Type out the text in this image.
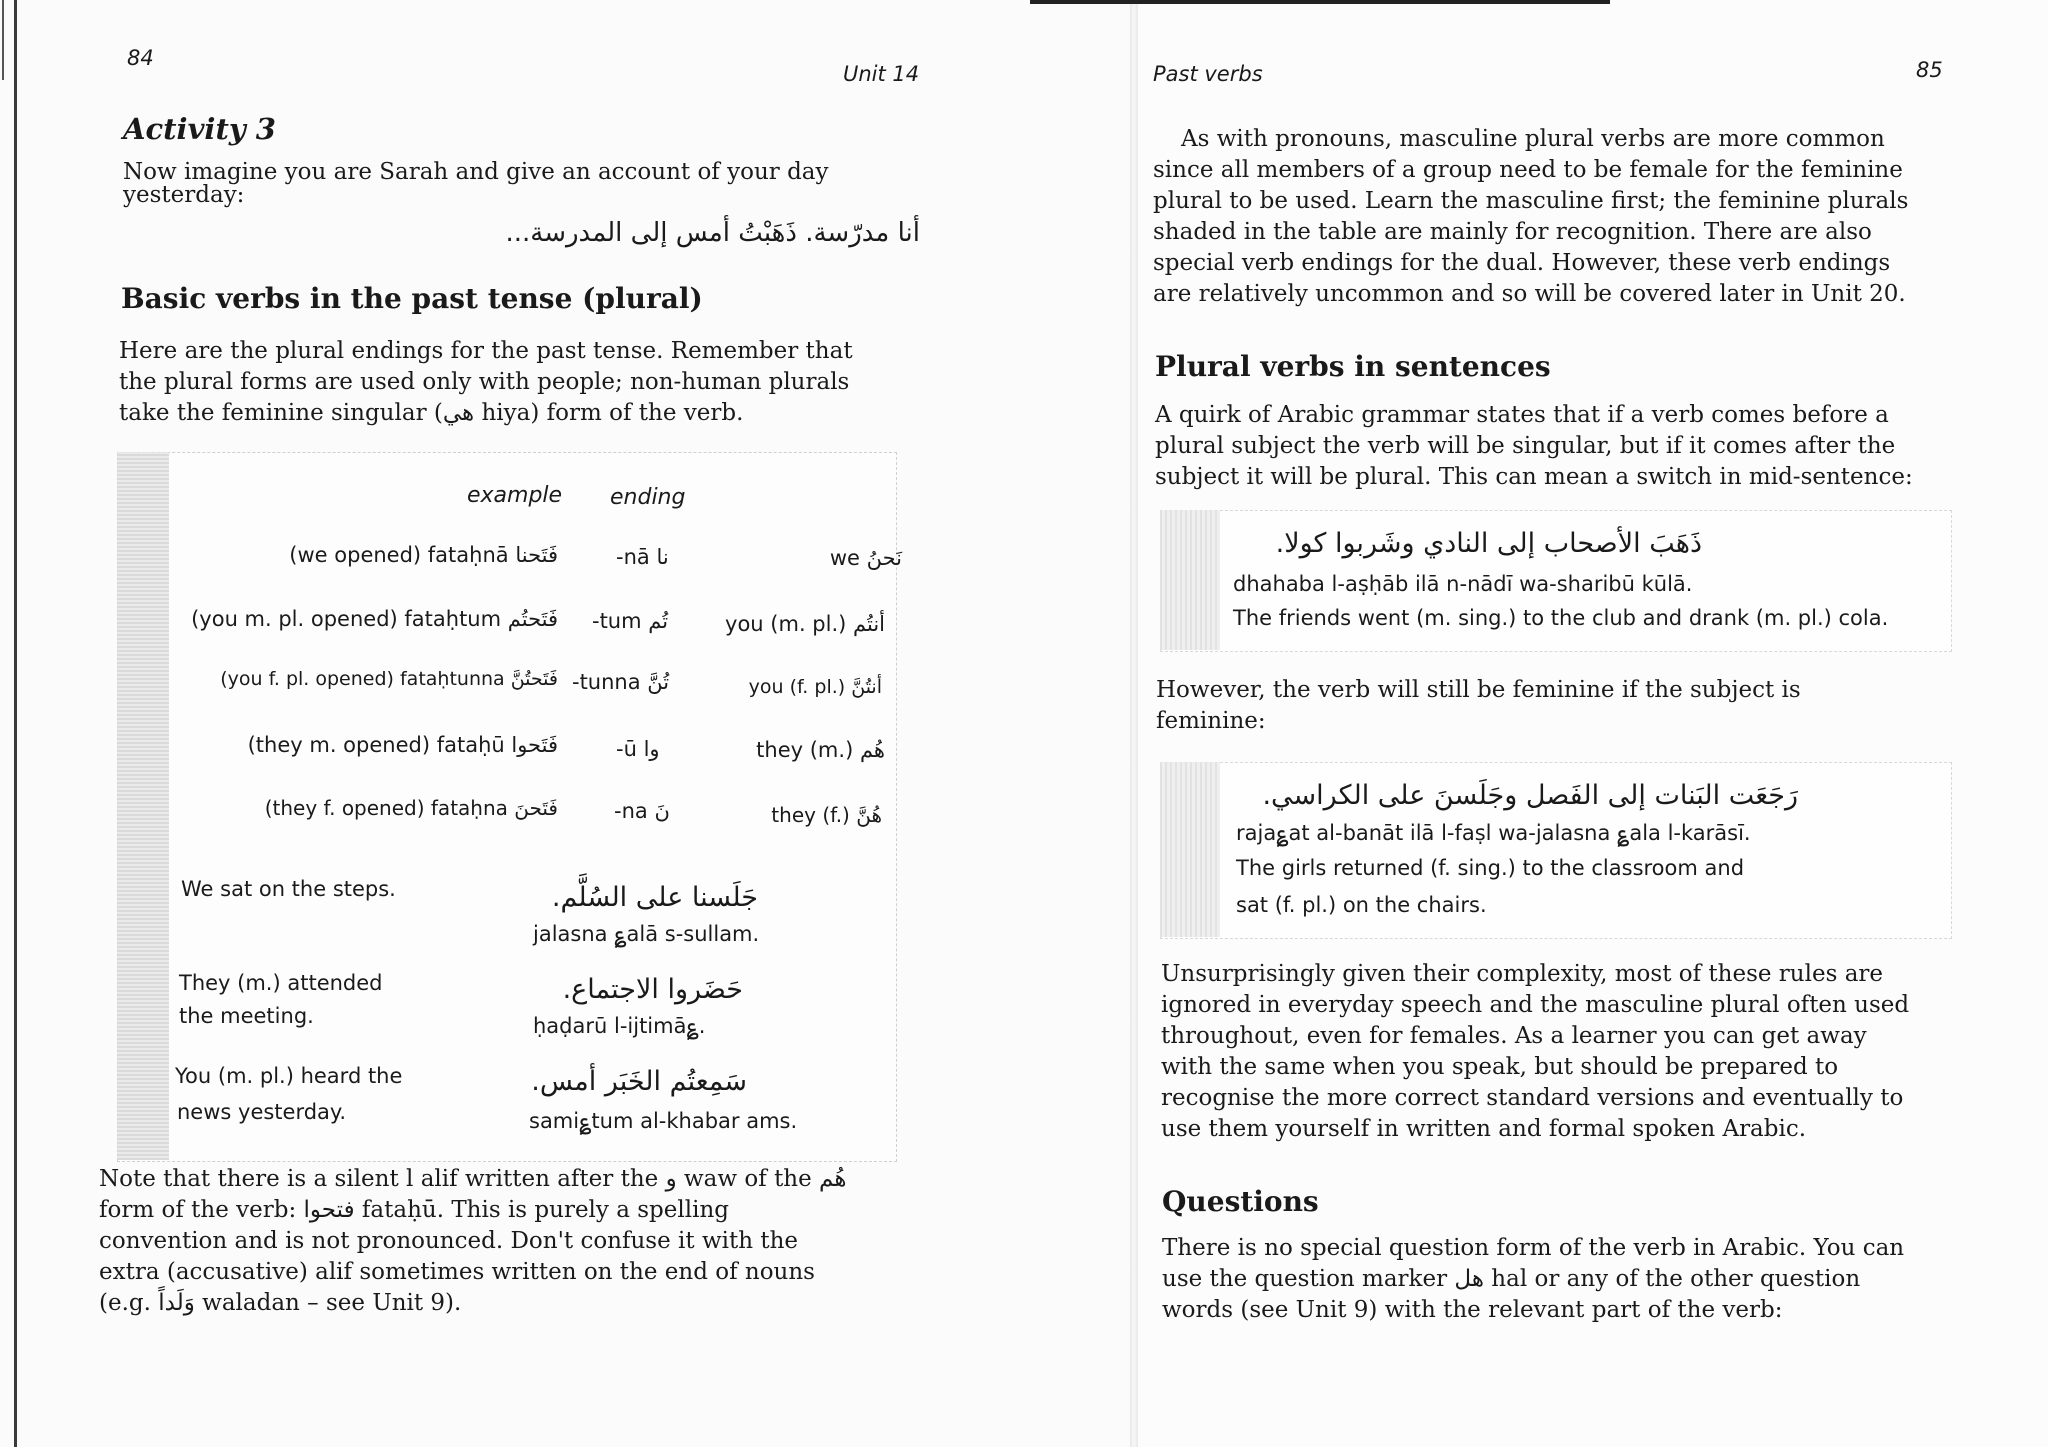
84
Unit 14
Activity 3
Now imagine you are Sarah and give an account of your day
yesterday:
أنا مدرّسة. ذَهَبْتُ أمس إلى المدرسة...
Basic verbs in the past tense (plural)
Here are the plural endings for the past tense. Remember that
the plural forms are used only with people; non-human plurals
take the feminine singular (هي hiya) form of the verb.
example ending
(we opened) fataḥnā فَتَحنا	-nā نا	we نَحنُ
(you m. pl. opened) fataḥtum فَتَحتُم -tum تُم	you (m. pl.) أنتُم
(you f. pl. opened) fataḥtunna فَتَحتُنَّ -tunna تُنَّ	you (f. pl.) أنتُنَّ
(they m. opened) fataḥū فَتَحوا	-ū وا	they (m.) هُم
(they f. opened) fataḥna فَتَحنَ	-na نَ	they (f.) هُنَّ
We sat on the steps.	جَلَسنا على السُلَّم.
jalasna ؏alā s-sullam.
They (m.) attended
the meeting.
حَضَروا الاجتماع.
ḥaḍarū l-ijtimā؏.
You (m. pl.) heard the
news yesterday.
سَمِعتُم الخَبَر أمس.
sami؏tum al-khabar ams.
Note that there is a silent l alif written after the و waw of the هُم
form of the verb: فتحوا fataḥū. This is purely a spelling
convention and is not pronounced. Don't confuse it with the
extra (accusative) alif sometimes written on the end of nouns
(e.g. وَلَداً waladan – see Unit 9).
Past verbs	85
As with pronouns, masculine plural verbs are more common
since all members of a group need to be female for the feminine
plural to be used. Learn the masculine first; the feminine plurals
shaded in the table are mainly for recognition. There are also
special verb endings for the dual. However, these verb endings
are relatively uncommon and so will be covered later in Unit 20.
Plural verbs in sentences
A quirk of Arabic grammar states that if a verb comes before a
plural subject the verb will be singular, but if it comes after the
subject it will be plural. This can mean a switch in mid-sentence:
ذَهَبَ الأصحاب إلى النادي وشَربوا كولا.
dhahaba l-aṣḥāb ilā n-nādī wa-sharibū kūlā.
The friends went (m. sing.) to the club and drank (m. pl.) cola.
However, the verb will still be feminine if the subject is
feminine:
رَجَعَت البَنات إلى الفَصل وجَلَسنَ على الكراسي.
raja؏at al-banāt ilā l-faṣl wa-jalasna ؏ala l-karāsī.
The girls returned (f. sing.) to the classroom and
sat (f. pl.) on the chairs.
Unsurprisingly given their complexity, most of these rules are
ignored in everyday speech and the masculine plural often used
throughout, even for females. As a learner you can get away
with the same when you speak, but should be prepared to
recognise the more correct standard versions and eventually to
use them yourself in written and formal spoken Arabic.
Questions
There is no special question form of the verb in Arabic. You can
use the question marker هل hal or any of the other question
words (see Unit 9) with the relevant part of the verb:
